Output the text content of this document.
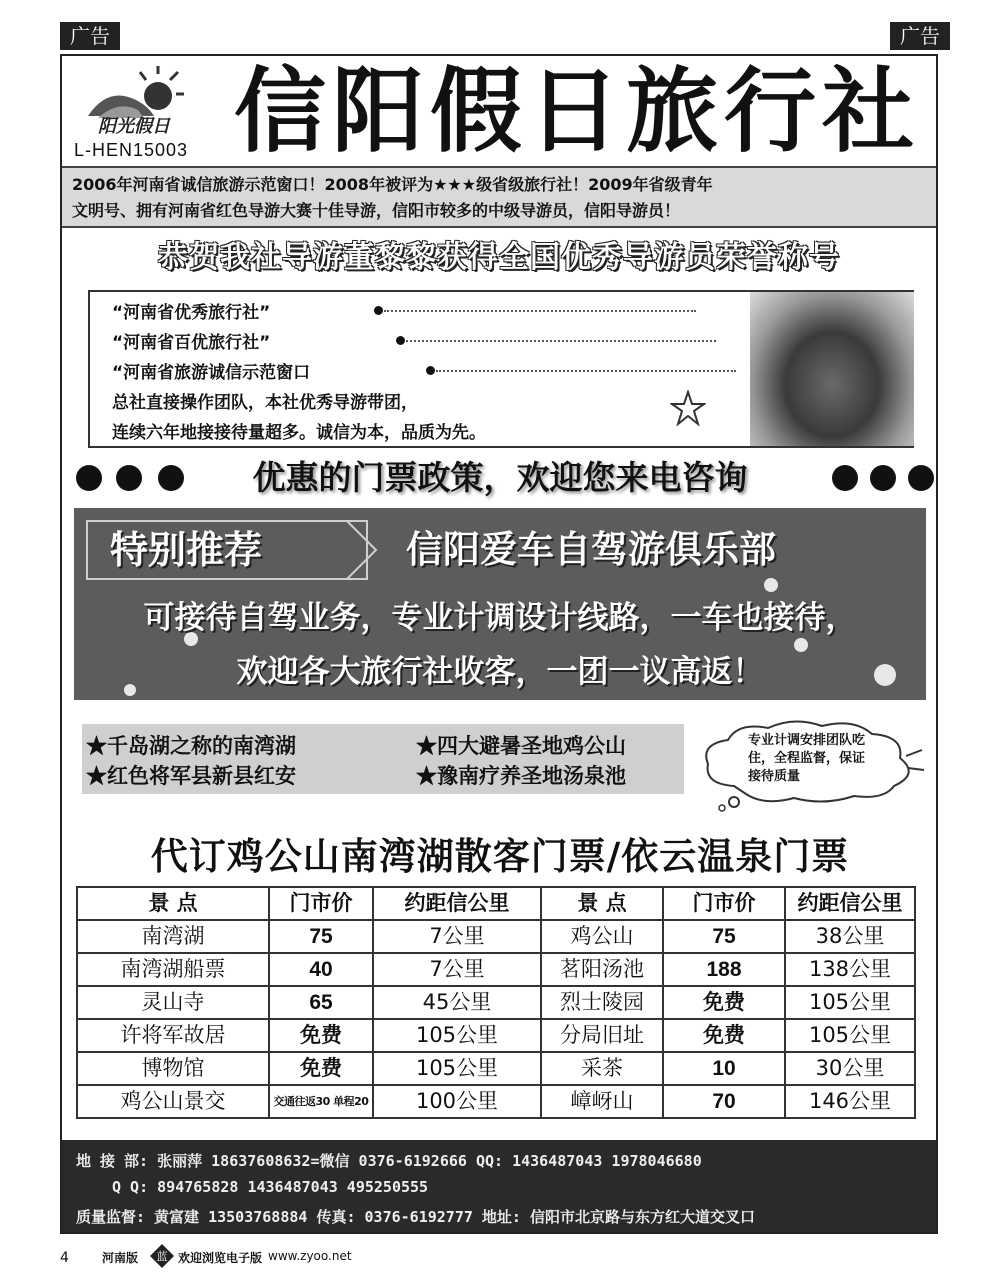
广告	广告
阳光假日
L-HEN15003 信阳假日旅行社
2006年河南省诚信旅游示范窗口！2008年被评为★★★级省级旅行社！2009年省级青年
文明号、拥有河南省红色导游大赛十佳导游，信阳市较多的中级导游员，信阳导游员！
恭贺我社导游董黎黎获得全国优秀导游员荣誉称号
“河南省优秀旅行社”
“河南省百优旅行社”
“河南省旅游诚信示范窗口
总社直接操作团队，本社优秀导游带团，
连续六年地接接待量超多。诚信为本，品质为先。
优惠的门票政策，欢迎您来电咨询
特别推荐	信阳爱车自驾游俱乐部
可接待自驾业务，专业计调设计线路，一车也接待，
欢迎各大旅行社收客，一团一议高返！
★千岛湖之称的南湾湖	★四大避暑圣地鸡公山
★红色将军县新县红安	★豫南疗养圣地汤泉池
专业计调安排团队吃
住，全程监督，保证
接待质量
代订鸡公山南湾湖散客门票/依云温泉门票
景 点	门市价	约距信公里	景 点	门市价	约距信公里
南湾湖	75	7公里	鸡公山	75	38公里
南湾湖船票	40	7公里	茗阳汤池	188	138公里
灵山寺	65	45公里	烈士陵园	免费	105公里
许将军故居	免费	105公里	分局旧址	免费	105公里
博物馆	免费	105公里	采茶	10	30公里
鸡公山景交	交通往返30 单程20	100公里	嶂岈山	70	146公里
地 接 部: 张丽萍 18637608632=微信 0376-6192666 QQ: 1436487043 1978046680
Q Q: 894765828 1436487043 495250555
质量监督: 黄富建 13503768884 传真: 0376-6192777 地址: 信阳市北京路与东方红大道交叉口
4	河南版 蓝 欢迎浏览电子版 www.zyoo.net
